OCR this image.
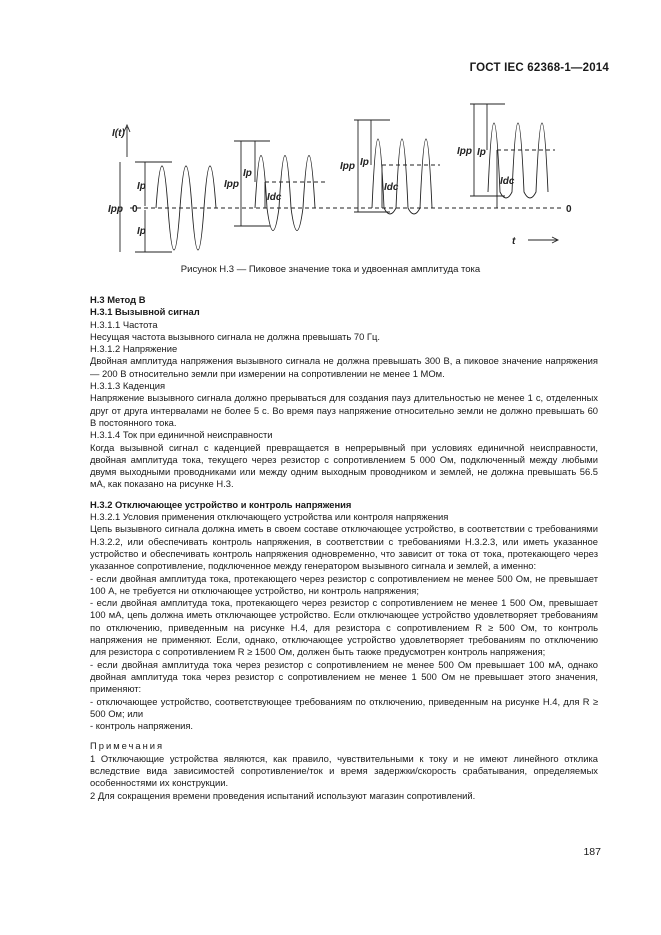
ГОСТ IEC 62368-1—2014
I(t)
Ipp
Ip
Ip
0
Ipp
Ip
Idc
Ipp Ip
Idc
Ipp Ip
Idc
0
t
Рисунок Н.3 — Пиковое значение тока и удвоенная амплитуда тока

Н.3 Метод В

Н.3.1 Вызывной сигнал

Н.3.1.1 Частота

Несущая частота вызывного сигнала не должна превышать 70 Гц.

Н.3.1.2 Напряжение

Двойная амплитуда напряжения вызывного сигнала не должна превышать 300 В, а пиковое значение напряжения — 200 В относительно земли при измерении на сопротивлении не менее 1 МОм.

Н.3.1.3 Каденция

Напряжение вызывного сигнала должно прерываться для создания пауз длительностью не менее 1 с, отделенных друг от друга интервалами не более 5 с. Во время пауз напряжение относительно земли не должно превышать 60 В постоянного тока.

Н.3.1.4 Ток при единичной неисправности

Когда вызывной сигнал с каденцией превращается в непрерывный при условиях единичной неисправности, двойная амплитуда тока, текущего через резистор с сопротивлением 5 000 Ом, подключенный между любыми двумя выходными проводниками или между одним выходным проводником и землей, не должна превышать 56.5 мА, как показано на рисунке Н.3.

Н.3.2 Отключающее устройство и контроль напряжения

Н.3.2.1 Условия применения отключающего устройства или контроля напряжения

Цепь вызывного сигнала должна иметь в своем составе отключающее устройство, в соответствии с требованиями Н.3.2.2, или обеспечивать контроль напряжения, в соответствии с требованиями Н.3.2.3, или иметь указанное устройство и обеспечивать контроль напряжения одновременно, что зависит от тока от тока, протекающего через указанное сопротивление, подключенное между генератором вызывного сигнала и землей, а именно:

- если двойная амплитуда тока, протекающего через резистор с сопротивлением не менее 500 Ом, не превышает 100 А, не требуется ни отключающее устройство, ни контроль напряжения;

- если двойная амплитуда тока, протекающего через резистор с сопротивлением не менее 1 500 Ом, превышает 100 мА, цепь должна иметь отключающее устройство. Если отключающее устройство удовлетворяет требованиям по отключению, приведенным на рисунке Н.4, для резистора с сопротивлением R ≥ 500 Ом, то контроль напряжения не применяют. Если, однако, отключающее устройство удовлетворяет требованиям по отключению для резистора с сопротивлением R ≥ 1500 Ом, должен быть также предусмотрен контроль напряжения;

- если двойная амплитуда тока через резистор с сопротивлением не менее 500 Ом превышает 100 мА, однако двойная амплитуда тока через резистор с сопротивлением не менее 1 500 Ом не превышает этого значения, применяют:

- отключающее устройство, соответствующее требованиям по отключению, приведенным на рисунке Н.4, для R ≥ 500 Ом; или

- контроль напряжения.

Примечания

1 Отключающие устройства являются, как правило, чувствительными к току и не имеют линейного отклика вследствие вида зависимостей сопротивление/ток и время задержки/скорость срабатывания, определяемых особенностями их конструкции.

2 Для сокращения времени проведения испытаний используют магазин сопротивлений.

187
